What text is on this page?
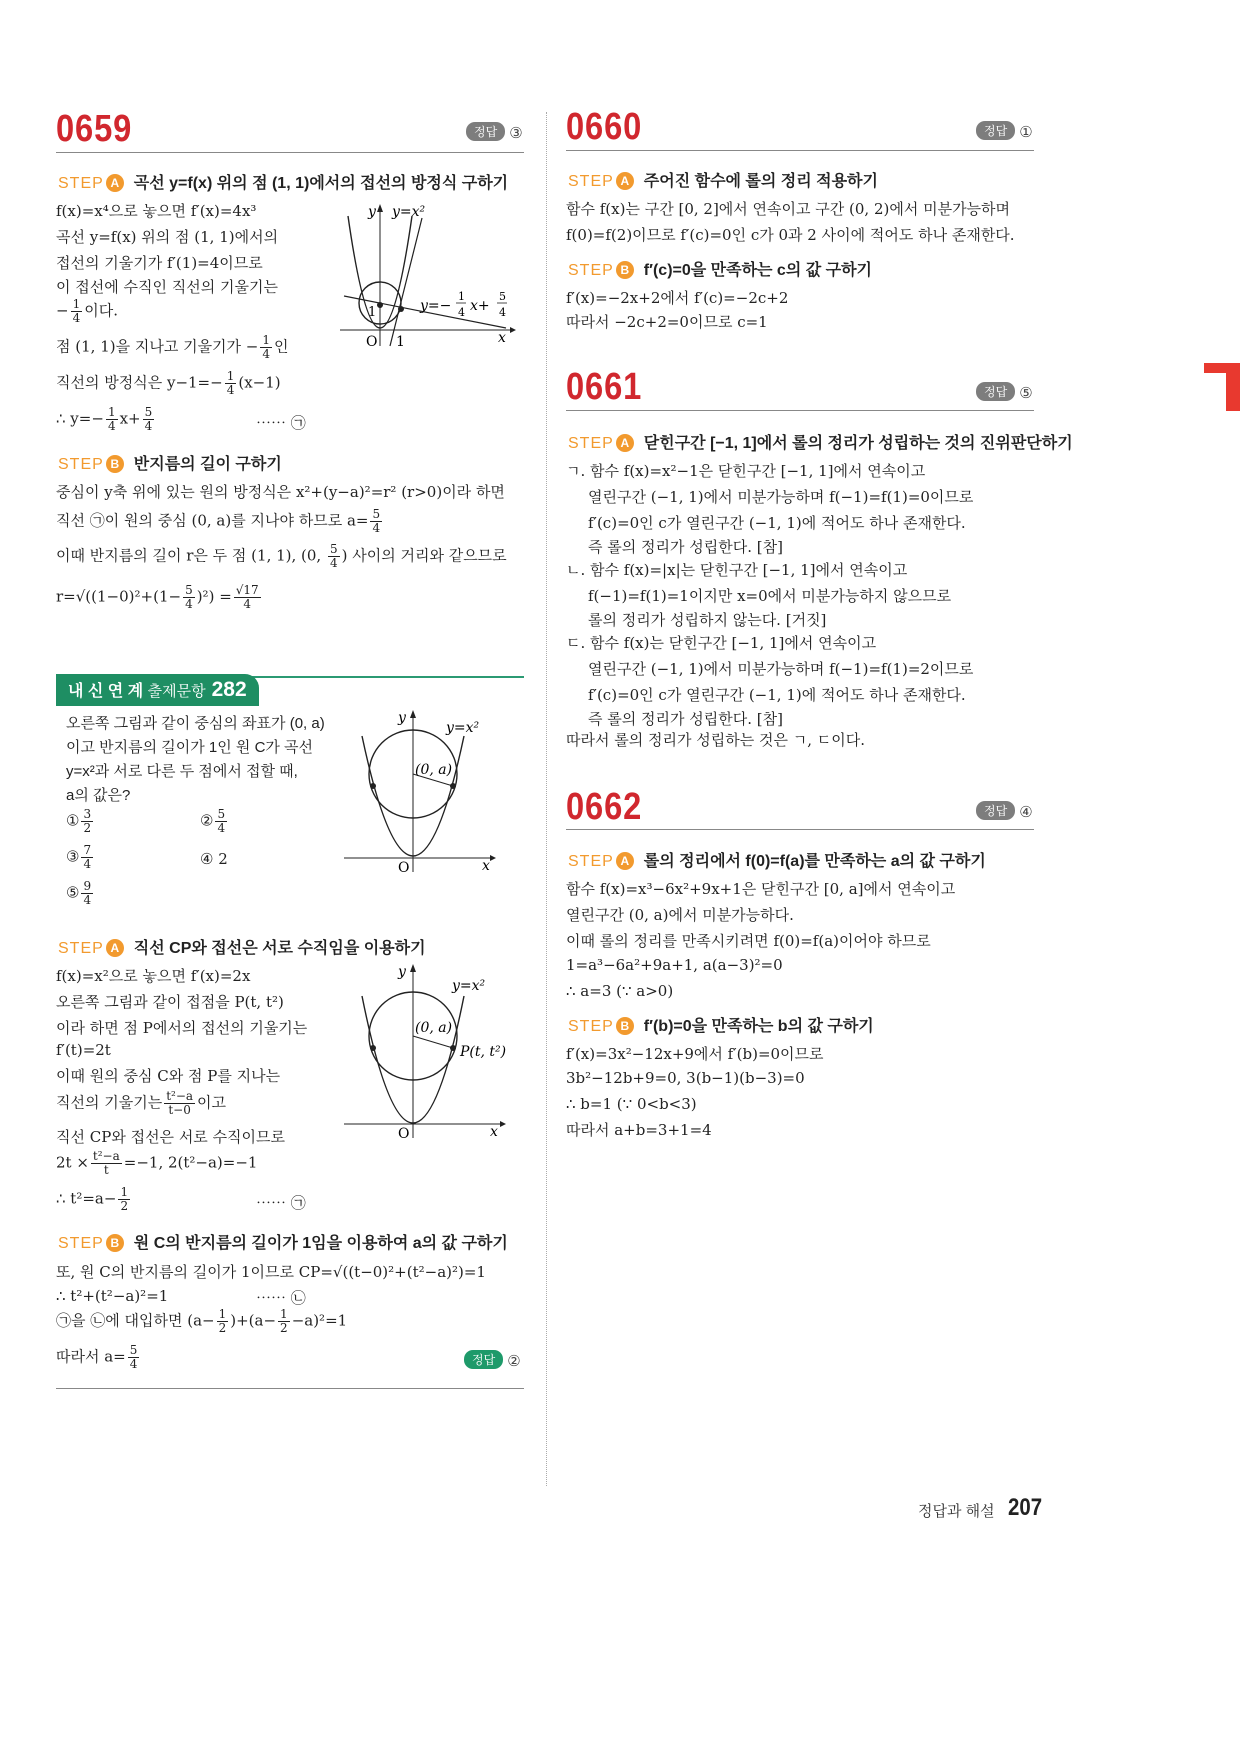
0659	정답 ③
STEP A 곡선 y=f(x) 위의 점 (1, 1)에서의 접선의 방정식 구하기
f(x)=x⁴으로 놓으면 f′(x)=4x³
곡선 y=f(x) 위의 점 (1, 1)에서의
접선의 기울기가 f′(1)=4이므로
이 접선에 수직인 직선의 기울기는
− $\frac{1}{4}$ 이다.
점 (1, 1)을 지나고 기울기가 − $\frac{1}{4}$ 인
직선의 방정식은 $y-1=- \frac{1}{4} (x-1)$
∴ $y=- \frac{1}{4} x+ \frac{5}{4}$	⋯⋯ ㉠
y y=x²
y=−
1
4 x+
5
4
O 1
1
x
STEP B 반지름의 길이 구하기
중심이 y축 위에 있는 원의 방정식은 x²+(y−a)²=r² (r>0)이라 하면
직선 ㉠이 원의 중심 (0, a)를 지나야 하므로 $a= \frac{5}{4}$
이때 반지름의 길이 r은 두 점 (1, 1), (0, $\frac{5}{4}$ ) 사이의 거리와 같으므로
$r=√((1-0)^2+(1- \frac{5}{4} )^2) = \frac{√17}{4}$
내 신 연 계 출제문항 282
오른쪽 그림과 같이 중심의 좌표가 (0, a)
이고 반지름의 길이가 1인 원 C가 곡선
y=x²과 서로 다른 두 점에서 접할 때,
a의 값은?
① $\frac{3}{2}$	② $\frac{5}{4}$
③ $\frac{7}{4}$	④ 2
⑤ $\frac{9}{4}$
y
y=x²
(0, a)
O	x
STEP A 직선 CP와 접선은 서로 수직임을 이용하기
f(x)=x²으로 놓으면 f′(x)=2x
오른쪽 그림과 같이 접점을 P(t, t²)
이라 하면 점 P에서의 접선의 기울기는
f′(t)=2t
이때 원의 중심 C와 점 P를 지나는
직선의 기울기는 $\frac{\text{t²−a}}{t-0}$ 이고
직선 CP와 접선은 서로 수직이므로
$2t \times \frac{\text{t²−a}}{t} =-1$, 2(t²−a)=−1
∴ $t^2=a- \frac{1}{2}$	⋯⋯ ㉠
y
y=x²
(0, a)
P(t, t²)
O	x
STEP B 원 C의 반지름의 길이가 1임을 이용하여 a의 값 구하기
또, 원 C의 반지름의 길이가 1이므로 CP=√((t−0)²+(t²−a)²)=1
∴ t²+(t²−a)²=1	⋯⋯ ㉡
㉠을 ㉡에 대입하면 $(a- \frac{1}{2} )+(a- \frac{1}{2} -a)^2=1$
따라서 $a= \frac{5}{4}$	정답 ②
0660	정답 ①
STEP A 주어진 함수에 롤의 정리 적용하기
함수 f(x)는 구간 [0, 2]에서 연속이고 구간 (0, 2)에서 미분가능하며
f(0)=f(2)이므로 f′(c)=0인 c가 0과 2 사이에 적어도 하나 존재한다.
STEP B f′(c)=0을 만족하는 c의 값 구하기
f′(x)=−2x+2에서 f′(c)=−2c+2
따라서 −2c+2=0이므로 c=1
0661	정답 ⑤
STEP A 닫힌구간 [−1, 1]에서 롤의 정리가 성립하는 것의 진위판단하기
ㄱ. 함수 f(x)=x²−1은 닫힌구간 [−1, 1]에서 연속이고
열린구간 (−1, 1)에서 미분가능하며 f(−1)=f(1)=0이므로
f′(c)=0인 c가 열린구간 (−1, 1)에 적어도 하나 존재한다.
즉 롤의 정리가 성립한다. [참]
ㄴ. 함수 f(x)=|x|는 닫힌구간 [−1, 1]에서 연속이고
f(−1)=f(1)=1이지만 x=0에서 미분가능하지 않으므로
롤의 정리가 성립하지 않는다. [거짓]
ㄷ. 함수 f(x)는 닫힌구간 [−1, 1]에서 연속이고
열린구간 (−1, 1)에서 미분가능하며 f(−1)=f(1)=2이므로
f′(c)=0인 c가 열린구간 (−1, 1)에 적어도 하나 존재한다.
즉 롤의 정리가 성립한다. [참]
따라서 롤의 정리가 성립하는 것은 ㄱ, ㄷ이다.
0662	정답 ④
STEP A 롤의 정리에서 f(0)=f(a)를 만족하는 a의 값 구하기
함수 f(x)=x³−6x²+9x+1은 닫힌구간 [0, a]에서 연속이고
열린구간 (0, a)에서 미분가능하다.
이때 롤의 정리를 만족시키려면 f(0)=f(a)이어야 하므로
1=a³−6a²+9a+1, a(a−3)²=0
∴ a=3 (∵ a>0)
STEP B f′(b)=0을 만족하는 b의 값 구하기
f′(x)=3x²−12x+9에서 f′(b)=0이므로
3b²−12b+9=0, 3(b−1)(b−3)=0
∴ b=1 (∵ 0<b<3)
따라서 a+b=3+1=4
정답과 해설 207
